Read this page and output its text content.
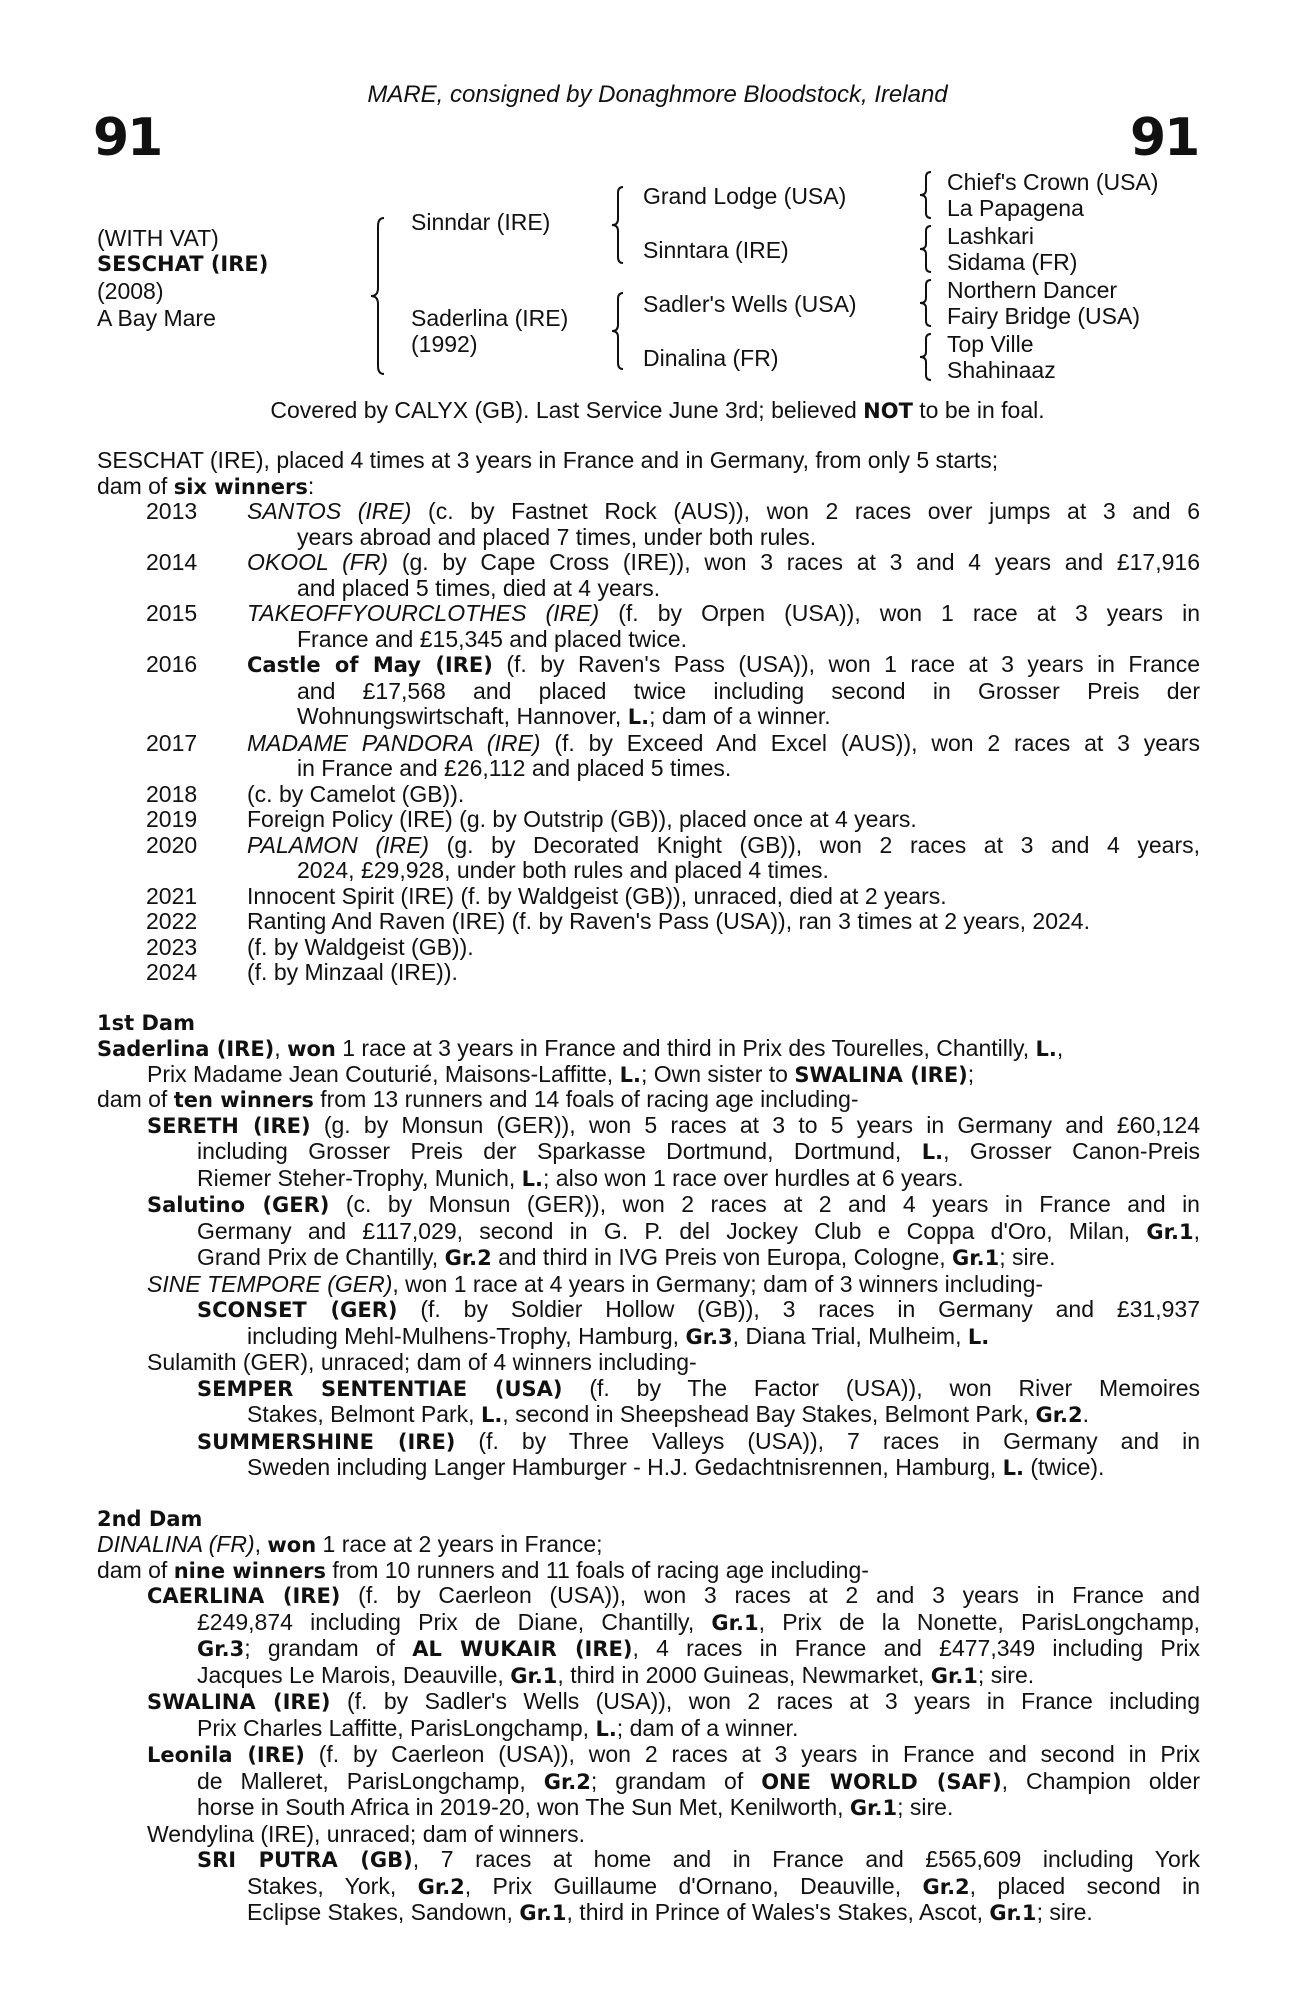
MARE, consigned by Donaghmore Bloodstock, Ireland
91	91
(WITH VAT)
SESCHAT (IRE)
(2008)
A Bay Mare
Sinndar (IRE)
Saderlina (IRE)
(1992)
Grand Lodge (USA)
Sinntara (IRE)
Sadler's Wells (USA)
Dinalina (FR)
Chief's Crown (USA)
La Papagena
Lashkari
Sidama (FR)
Northern Dancer
Fairy Bridge (USA)
Top Ville
Shahinaaz
Covered by CALYX (GB). Last Service June 3rd; believed NOT to be in foal.
SESCHAT (IRE), placed 4 times at 3 years in France and in Germany, from only 5 starts;
dam of six winners:
2013	SANTOS (IRE) (c. by Fastnet Rock (AUS)), won 2 races over jumps at 3 and 6
years abroad and placed 7 times, under both rules.
2014	OKOOL (FR) (g. by Cape Cross (IRE)), won 3 races at 3 and 4 years and £17,916
and placed 5 times, died at 4 years.
2015	TAKEOFFYOURCLOTHES (IRE) (f. by Orpen (USA)), won 1 race at 3 years in
France and £15,345 and placed twice.
2016	Castle of May (IRE) (f. by Raven's Pass (USA)), won 1 race at 3 years in France
and £17,568 and placed twice including second in Grosser Preis der
Wohnungswirtschaft, Hannover, L.; dam of a winner.
2017	MADAME PANDORA (IRE) (f. by Exceed And Excel (AUS)), won 2 races at 3 years
in France and £26,112 and placed 5 times.
2018	(c. by Camelot (GB)).
2019	Foreign Policy (IRE) (g. by Outstrip (GB)), placed once at 4 years.
2020	PALAMON (IRE) (g. by Decorated Knight (GB)), won 2 races at 3 and 4 years,
2024, £29,928, under both rules and placed 4 times.
2021	Innocent Spirit (IRE) (f. by Waldgeist (GB)), unraced, died at 2 years.
2022	Ranting And Raven (IRE) (f. by Raven's Pass (USA)), ran 3 times at 2 years, 2024.
2023	(f. by Waldgeist (GB)).
2024	(f. by Minzaal (IRE)).
1st Dam
Saderlina (IRE), won 1 race at 3 years in France and third in Prix des Tourelles, Chantilly, L.,
Prix Madame Jean Couturié, Maisons-Laffitte, L.; Own sister to SWALINA (IRE);
dam of ten winners from 13 runners and 14 foals of racing age including-
SERETH (IRE) (g. by Monsun (GER)), won 5 races at 3 to 5 years in Germany and £60,124
including Grosser Preis der Sparkasse Dortmund, Dortmund, L., Grosser Canon-Preis
Riemer Steher-Trophy, Munich, L.; also won 1 race over hurdles at 6 years.
Salutino (GER) (c. by Monsun (GER)), won 2 races at 2 and 4 years in France and in
Germany and £117,029, second in G. P. del Jockey Club e Coppa d'Oro, Milan, Gr.1,
Grand Prix de Chantilly, Gr.2 and third in IVG Preis von Europa, Cologne, Gr.1; sire.
SINE TEMPORE (GER), won 1 race at 4 years in Germany; dam of 3 winners including-
SCONSET (GER) (f. by Soldier Hollow (GB)), 3 races in Germany and £31,937
including Mehl-Mulhens-Trophy, Hamburg, Gr.3, Diana Trial, Mulheim, L.
Sulamith (GER), unraced; dam of 4 winners including-
SEMPER SENTENTIAE (USA) (f. by The Factor (USA)), won River Memoires
Stakes, Belmont Park, L., second in Sheepshead Bay Stakes, Belmont Park, Gr.2.
SUMMERSHINE (IRE) (f. by Three Valleys (USA)), 7 races in Germany and in
Sweden including Langer Hamburger - H.J. Gedachtnisrennen, Hamburg, L. (twice).
2nd Dam
DINALINA (FR), won 1 race at 2 years in France;
dam of nine winners from 10 runners and 11 foals of racing age including-
CAERLINA (IRE) (f. by Caerleon (USA)), won 3 races at 2 and 3 years in France and
£249,874 including Prix de Diane, Chantilly, Gr.1, Prix de la Nonette, ParisLongchamp,
Gr.3; grandam of AL WUKAIR (IRE), 4 races in France and £477,349 including Prix
Jacques Le Marois, Deauville, Gr.1, third in 2000 Guineas, Newmarket, Gr.1; sire.
SWALINA (IRE) (f. by Sadler's Wells (USA)), won 2 races at 3 years in France including
Prix Charles Laffitte, ParisLongchamp, L.; dam of a winner.
Leonila (IRE) (f. by Caerleon (USA)), won 2 races at 3 years in France and second in Prix
de Malleret, ParisLongchamp, Gr.2; grandam of ONE WORLD (SAF), Champion older
horse in South Africa in 2019-20, won The Sun Met, Kenilworth, Gr.1; sire.
Wendylina (IRE), unraced; dam of winners.
SRI PUTRA (GB), 7 races at home and in France and £565,609 including York
Stakes, York, Gr.2, Prix Guillaume d'Ornano, Deauville, Gr.2, placed second in
Eclipse Stakes, Sandown, Gr.1, third in Prince of Wales's Stakes, Ascot, Gr.1; sire.
